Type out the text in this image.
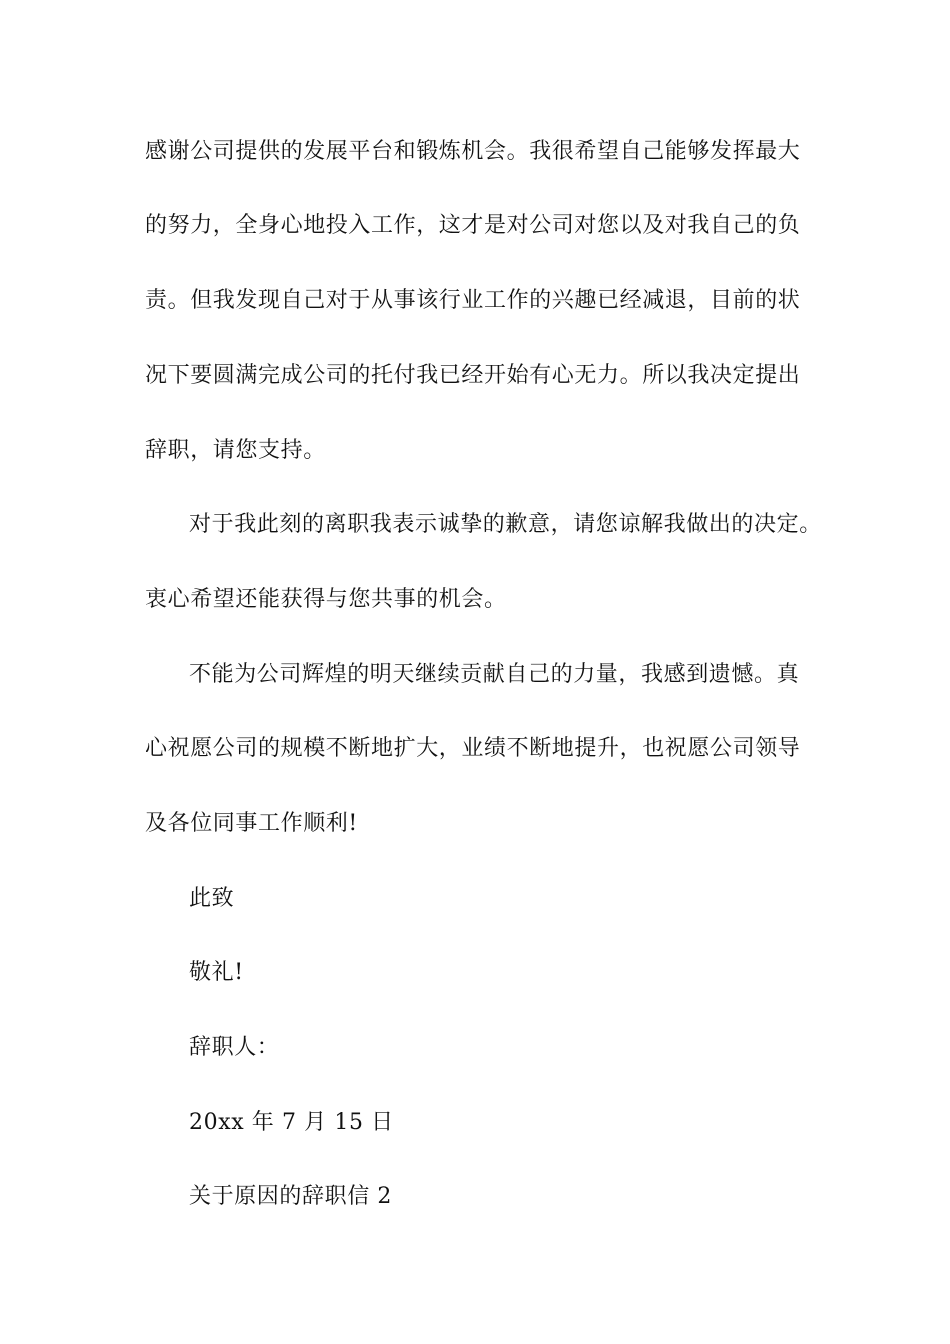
感谢公司提供的发展平台和锻炼机会。我很希望自己能够发挥最大
的努力，全身心地投入工作，这才是对公司对您以及对我自己的负
责。但我发现自己对于从事该行业工作的兴趣已经减退，目前的状
况下要圆满完成公司的托付我已经开始有心无力。所以我决定提出
辞职，请您支持。
对于我此刻的离职我表示诚挚的歉意，请您谅解我做出的决定。
衷心希望还能获得与您共事的机会。
不能为公司辉煌的明天继续贡献自己的力量，我感到遗憾。真
心祝愿公司的规模不断地扩大，业绩不断地提升，也祝愿公司领导
及各位同事工作顺利!
此致
敬礼!
辞职人：
20xx 年 7 月 15 日
关于原因的辞职信 2
